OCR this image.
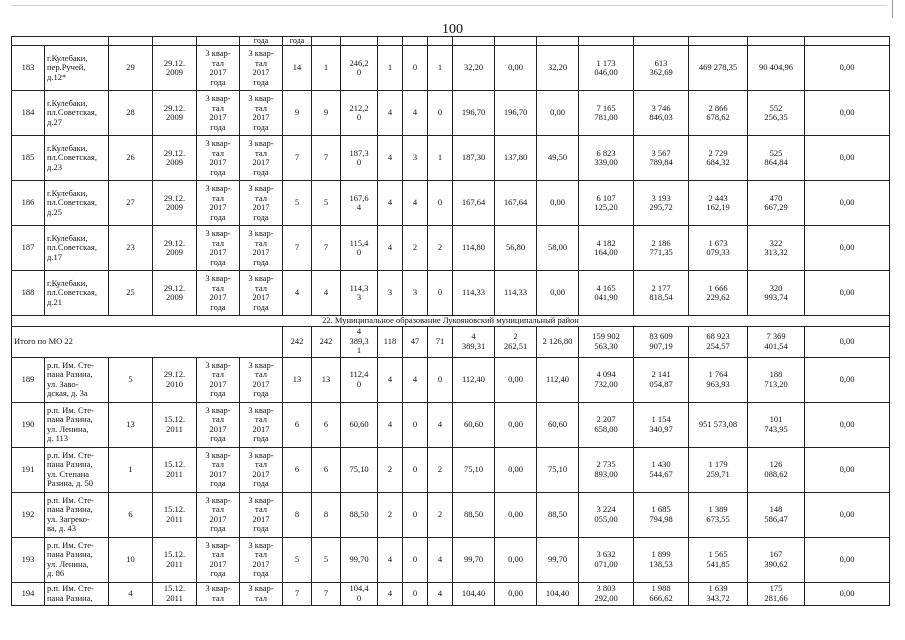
100
					года	года													
183	г.Кулебаки,
пер.Ручей,
д.12*	29	29.12.
2009	3 квар-
тал
2017
года	3 квар-
тал
2017
года	14	1	246,2
0	1	0	1	32,20	0,00	32,20	1 173
046,00	613
362,69	469 278,35	90 404,96	0,00
184	г.Кулебаки,
пл.Советская,
д.27	28	29.12.
2009	3 квар-
тал
2017
года	3 квар-
тал
2017
года	9	9	212,2
0	4	4	0	196,70	196,70	0,00	7 165
781,00	3 746
846,03	2 866
678,62	552
256,35	0,00
185	г.Кулебаки,
пл.Советская,
д.23	26	29.12.
2009	3 квар-
тал
2017
года	3 квар-
тал
2017
года	7	7	187,3
0	4	3	1	187,30	137,80	49,50	6 823
339,00	3 567
789,84	2 729
684,32	525
864,84	0,00
186	г.Кулебаки,
пл.Советская,
д.25	27	29.12.
2009	3 квар-
тал
2017
года	3 квар-
тал
2017
года	5	5	167,6
4	4	4	0	167,64	167,64	0,00	6 107
125,20	3 193
295,72	2 443
162,19	470
667,29	0,00
187	г.Кулебаки,
пл.Советская,
д.17	23	29.12.
2009	3 квар-
тал
2017
года	3 квар-
тал
2017
года	7	7	115,4
0	4	2	2	114,80	56,80	58,00	4 182
164,00	2 186
771,35	1 673
079,33	322
313,32	0,00
188	г.Кулебаки,
пл.Советская,
д.21	25	29.12.
2009	3 квар-
тал
2017
года	3 квар-
тал
2017
года	4	4	114,3
3	3	3	0	114,33	114,33	0,00	4 165
041,90	2 177
818,54	1 666
229,62	320
993,74	0,00
22. Муниципальное образование Лукояновский муниципальный район																			
Итого по МО 22						242	242	4
389,3
1	118	47	71	4
389,31	2
262,51	2 126,80	159 902
563,30	83 609
907,19	68 923
254,57	7 369
401,54	0,00
189	р.п. Им. Сте-
пана Разина,
ул. Заво-
дская, д. 3а	5	29.12.
2010	3 квар-
тал
2017
года	3 квар-
тал
2017
года	13	13	112,4
0	4	4	0	112,40	0,00	112,40	4 094
732,00	2 141
054,87	1 764
963,93	188
713,20	0,00
190	р.п. Им. Сте-
пана Разина,
ул. Ленина,
д. 113	13	15.12.
2011	3 квар-
тал
2017
года	3 квар-
тал
2017
года	6	6	60,60	4	0	4	60,60	0,00	60,60	2 207
658,00	1 154
340,97	951 573,08	101
743,95	0,00
191	р.п. Им. Сте-
пана Разина,
ул. Степана
Разина, д. 50	1	15.12.
2011	3 квар-
тал
2017
года	3 квар-
тал
2017
года	6	6	75,10	2	0	2	75,10	0,00	75,10	2 735
893,00	1 430
544,67	1 179
259,71	126
088,62	0,00
192	р.п. Им. Сте-
пана Разина,
ул. Загреко-
ва, д. 43	6	15.12.
2011	3 квар-
тал
2017
года	3 квар-
тал
2017
года	8	8	88,50	2	0	2	88,50	0,00	88,50	3 224
055,00	1 685
794,98	1 389
673,55	148
586,47	0,00
193	р.п. Им. Сте-
пана Разина,
ул. Ленина,
д. 86	10	15.12.
2011	3 квар-
тал
2017
года	3 квар-
тал
2017
года	5	5	99,70	4	0	4	99,70	0,00	99,70	3 632
071,00	1 899
138,53	1 565
541,85	167
390,62	0,00
194	р.п. Им. Сте-
пана Разина,	4	15.12.
2011	3 квар-
тал	3 квар-
тал	7	7	104,4
0	4	0	4	104,40	0,00	104,40	3 803
292,00	1 988
666,62	1 639
343,72	175
281,66	0,00
